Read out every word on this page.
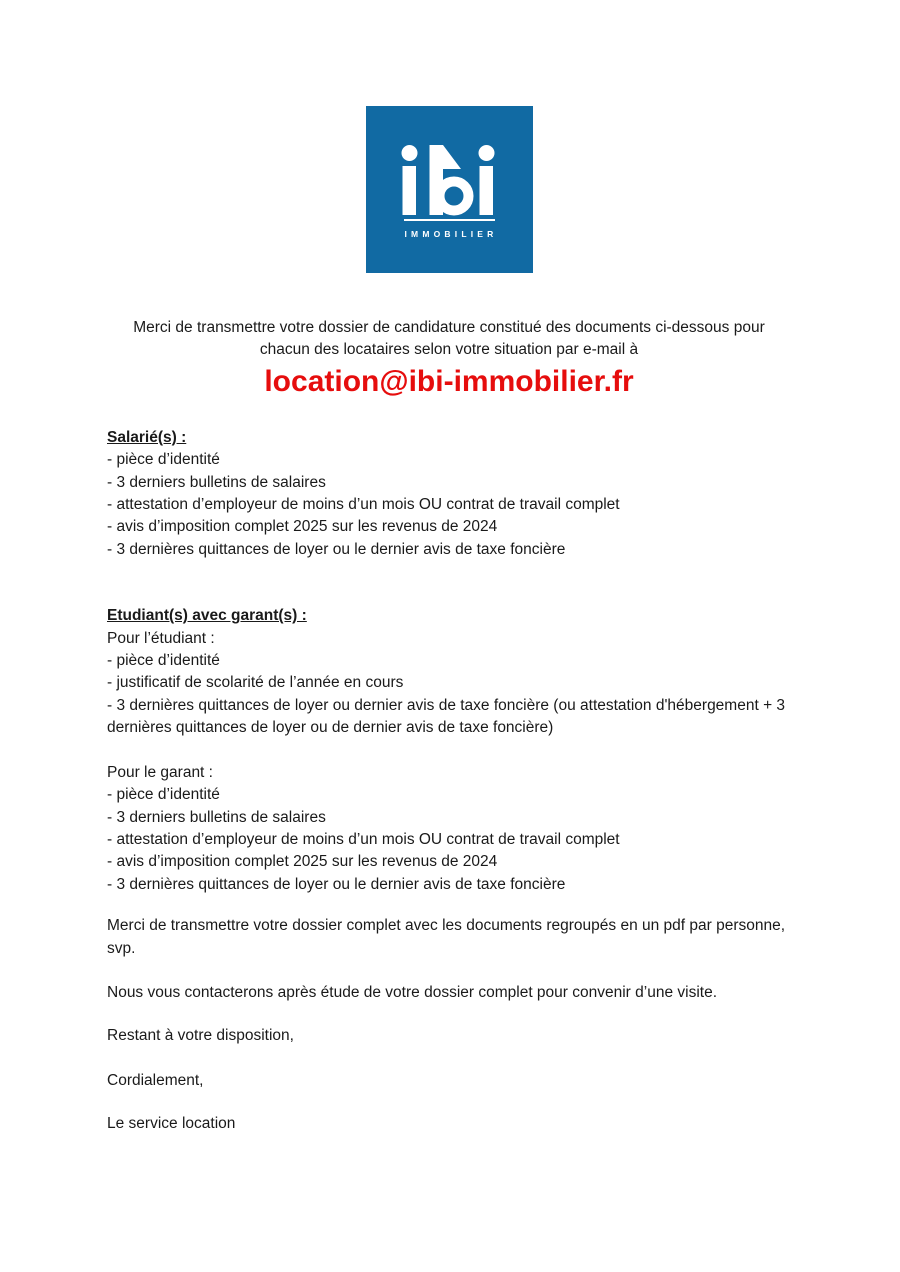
IMMOBILIER

Merci de transmettre votre dossier de candidature constitué des documents ci-dessous pour chacun des locataires selon votre situation par e-mail à

location@ibi-immobilier.fr

Salarié(s) :

- pièce d’identité

- 3 derniers bulletins de salaires

- attestation d’employeur de moins d’un mois OU contrat de travail complet

- avis d’imposition complet 2025 sur les revenus de 2024

- 3 dernières quittances de loyer ou le dernier avis de taxe foncière

Etudiant(s) avec garant(s) :

Pour l’étudiant :

- pièce d’identité

- justificatif de scolarité de l’année en cours

- 3 dernières quittances de loyer ou dernier avis de taxe foncière (ou attestation d'hébergement + 3 dernières quittances de loyer ou de dernier avis de taxe foncière)

Pour le garant :

- pièce d’identité

- 3 derniers bulletins de salaires

- attestation d’employeur de moins d’un mois OU contrat de travail complet

- avis d’imposition complet 2025 sur les revenus de 2024

- 3 dernières quittances de loyer ou le dernier avis de taxe foncière

Merci de transmettre votre dossier complet avec les documents regroupés en un pdf par personne, svp.

Nous vous contacterons après étude de votre dossier complet pour convenir d’une visite.

Restant à votre disposition,

Cordialement,

Le service location
